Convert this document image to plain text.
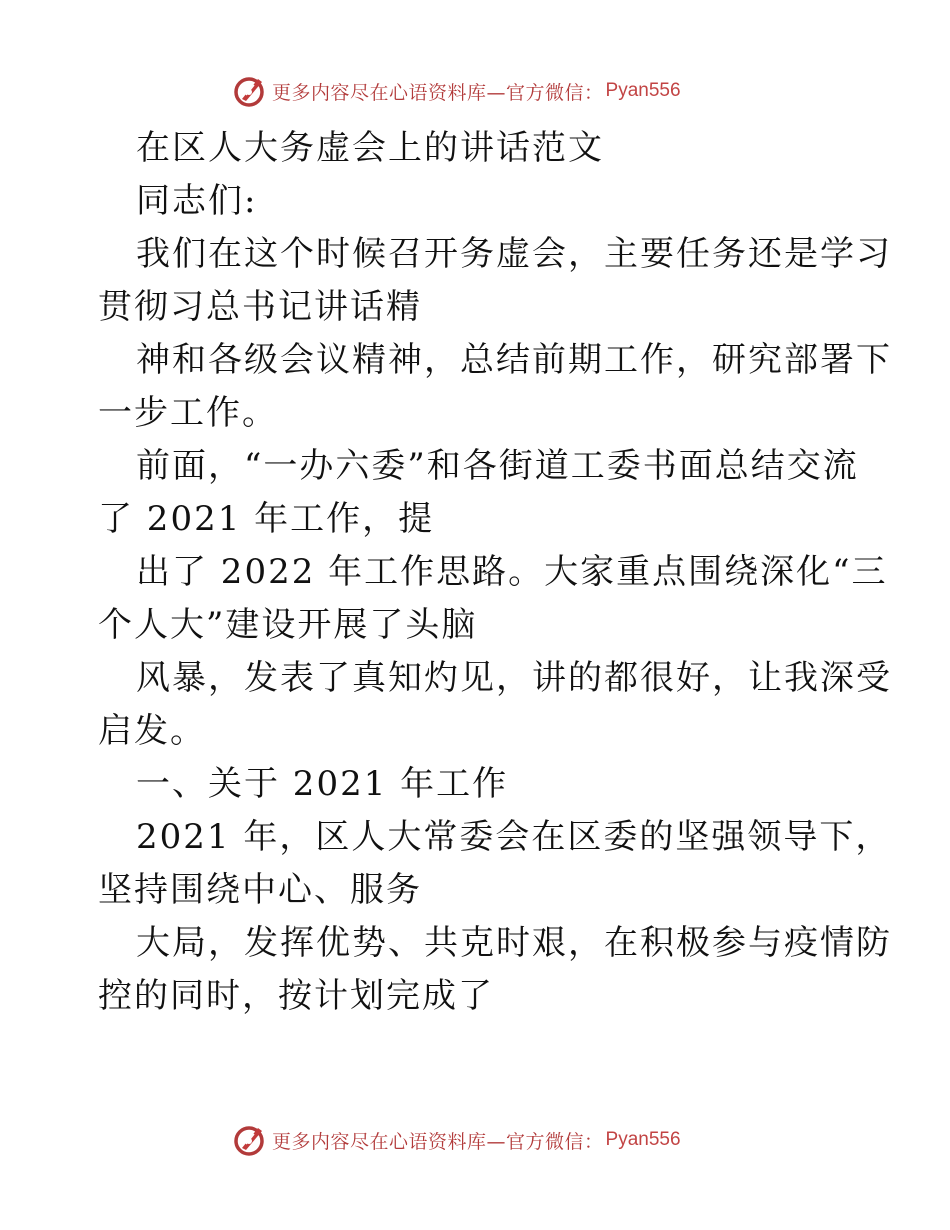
更多内容尽在心语资料库—官方微信： Pyan556
在区人大务虚会上的讲话范文
同志们:
我们在这个时候召开务虚会，主要任务还是学习
贯彻习总书记讲话精
神和各级会议精神，总结前期工作，研究部署下
一步工作。
前面，“一办六委”和各街道工委书面总结交流
了 2021 年工作，提
出了 2022 年工作思路。大家重点围绕深化“三
个人大”建设开展了头脑
风暴，发表了真知灼见，讲的都很好，让我深受
启发。
一、关于 2021 年工作
2021 年，区人大常委会在区委的坚强领导下，
坚持围绕中心、服务
大局，发挥优势、共克时艰，在积极参与疫情防
控的同时，按计划完成了
更多内容尽在心语资料库—官方微信： Pyan556
